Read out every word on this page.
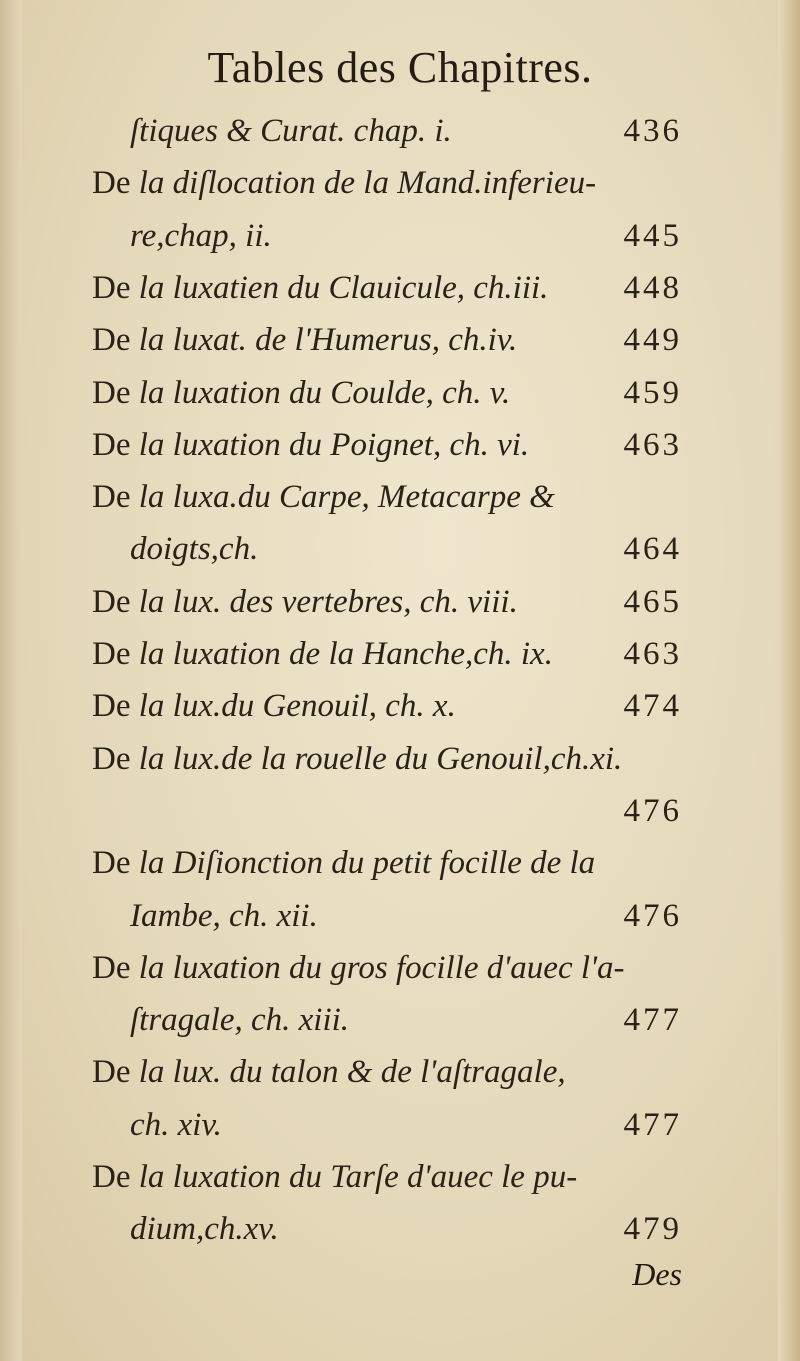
Tables des Chapitres.
ſtiques & Curat. chap. i.	436
De la diſlocation de la Mand.inferieu-
re,chap, ii.	445
De la luxatien du Clauicule, ch.iii. 448
De la luxat. de l'Humerus, ch.iv.	449
De la luxation du Coulde, ch. v.	459
De la luxation du Poignet, ch. vi.	463
De la luxa.du Carpe, Metacarpe &
doigts,ch.	464
De la lux. des vertebres, ch. viii.	465
De la luxation de la Hanche,ch. ix. 463
De la lux.du Genouil, ch. x.	474
De la lux.de la rouelle du Genouil,ch.xi.
476
De la Diſionction du petit focille de la
Iambe, ch. xii.	476
De la luxation du gros focille d'auec l'a-
ſtragale, ch. xiii.	477
De la lux. du talon & de l'aſtragale,
ch. xiv.	477
De la luxation du Tarſe d'auec le pu-
dium,ch.xv.	479
Des
